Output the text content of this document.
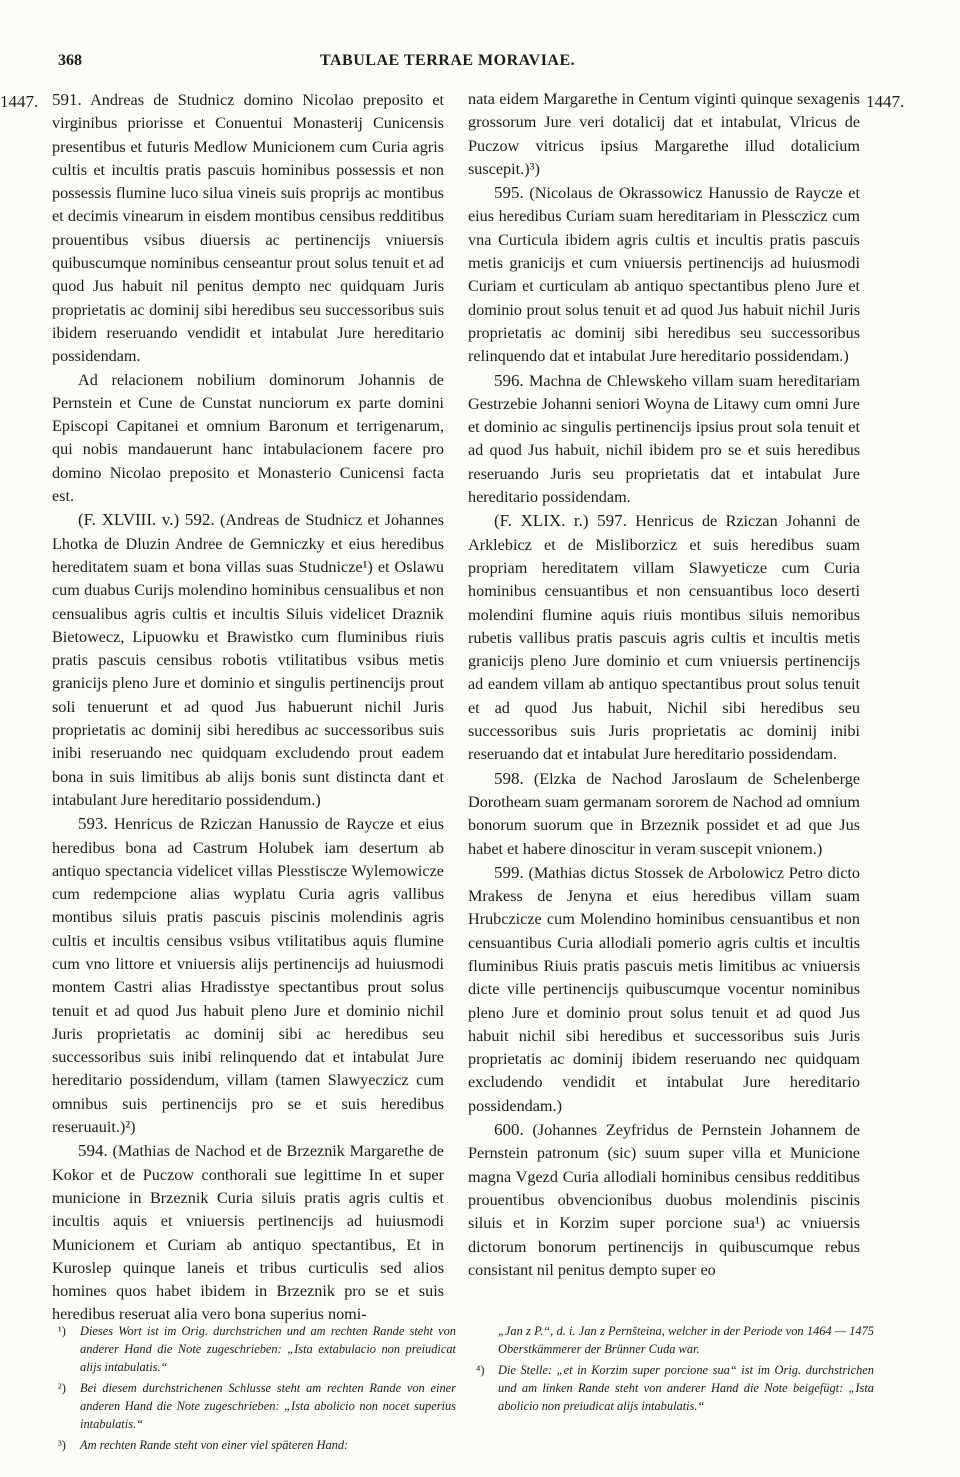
368	TABULAE TERRAE MORAVIAE.
1447.	1447.

591. Andreas de Studnicz domino Nicolao preposito et virginibus priorisse et Conuentui Monasterij Cunicensis presentibus et futuris Medlow Municionem cum Curia agris cultis et incultis pratis pascuis hominibus possessis et non possessis flumine luco silua vineis suis proprijs ac montibus et decimis vinearum in eisdem montibus censibus redditibus prouentibus vsibus diuersis ac pertinencijs vniuersis quibuscumque nominibus censeantur prout solus tenuit et ad quod Jus habuit nil penitus dempto nec quidquam Juris proprietatis ac dominij sibi heredibus seu successoribus suis ibidem reseruando vendidit et intabulat Jure hereditario possidendam.

Ad relacionem nobilium dominorum Johannis de Pernstein et Cune de Cunstat nunciorum ex parte domini Episcopi Capitanei et omnium Baronum et terrigenarum, qui nobis mandauerunt hanc intabulacionem facere pro domino Nicolao preposito et Monasterio Cunicensi facta est.

(F. XLVIII. v.) 592. (Andreas de Studnicz et Johannes Lhotka de Dluzin Andree de Gemniczky et eius heredibus hereditatem suam et bona villas suas Studnicze¹) et Oslawu cum duabus Curijs molendino hominibus censualibus et non censualibus agris cultis et incultis Siluis videlicet Draznik Bietowecz, Lipuowku et Brawistko cum fluminibus riuis pratis pascuis censibus robotis vtilitatibus vsibus metis granicijs pleno Jure et dominio et singulis pertinencijs prout soli tenuerunt et ad quod Jus habuerunt nichil Juris proprietatis ac dominij sibi heredibus ac successoribus suis inibi reseruando nec quidquam excludendo prout eadem bona in suis limitibus ab alijs bonis sunt distincta dant et intabulant Jure hereditario possidendum.)

593. Henricus de Rziczan Hanussio de Raycze et eius heredibus bona ad Castrum Holubek iam desertum ab antiquo spectancia videlicet villas Plesstiscze Wylemowicze cum redempcione alias wyplatu Curia agris vallibus montibus siluis pratis pascuis piscinis molendinis agris cultis et incultis censibus vsibus vtilitatibus aquis flumine cum vno littore et vniuersis alijs pertinencijs ad huiusmodi montem Castri alias Hradisstye spectantibus prout solus tenuit et ad quod Jus habuit pleno Jure et dominio nichil Juris proprietatis ac dominij sibi ac heredibus seu successoribus suis inibi relinquendo dat et intabulat Jure hereditario possidendum, villam (tamen Slawyeczicz cum omnibus suis pertinencijs pro se et suis heredibus reseruauit.)²)

594. (Mathias de Nachod et de Brzeznik Margarethe de Kokor et de Puczow conthorali sue legittime In et super municione in Brzeznik Curia siluis pratis agris cultis et incultis aquis et vniuersis pertinencijs ad huiusmodi Municionem et Curiam ab antiquo spectantibus, Et in Kuroslep quinque laneis et tribus curticulis sed alios homines quos habet ibidem in Brzeznik pro se et suis heredibus reseruat alia vero bona superius nomi-

nata eidem Margarethe in Centum viginti quinque sexagenis grossorum Jure veri dotalicij dat et intabulat, Vlricus de Puczow vitricus ipsius Margarethe illud dotalicium suscepit.)³)

595. (Nicolaus de Okrassowicz Hanussio de Raycze et eius heredibus Curiam suam hereditariam in Plessczicz cum vna Curticula ibidem agris cultis et incultis pratis pascuis metis granicijs et cum vniuersis pertinencijs ad huiusmodi Curiam et curticulam ab antiquo spectantibus pleno Jure et dominio prout solus tenuit et ad quod Jus habuit nichil Juris proprietatis ac dominij sibi heredibus seu successoribus relinquendo dat et intabulat Jure hereditario possidendam.)

596. Machna de Chlewskeho villam suam hereditariam Gestrzebie Johanni seniori Woyna de Litawy cum omni Jure et dominio ac singulis pertinencijs ipsius prout sola tenuit et ad quod Jus habuit, nichil ibidem pro se et suis heredibus reseruando Juris seu proprietatis dat et intabulat Jure hereditario possidendam.

(F. XLIX. r.) 597. Henricus de Rziczan Johanni de Arklebicz et de Misliborzicz et suis heredibus suam propriam hereditatem villam Slawyeticze cum Curia hominibus censuantibus et non censuantibus loco deserti molendini flumine aquis riuis montibus siluis nemoribus rubetis vallibus pratis pascuis agris cultis et incultis metis granicijs pleno Jure dominio et cum vniuersis pertinencijs ad eandem villam ab antiquo spectantibus prout solus tenuit et ad quod Jus habuit, Nichil sibi heredibus seu successoribus suis Juris proprietatis ac dominij inibi reseruando dat et intabulat Jure hereditario possidendam.

598. (Elzka de Nachod Jaroslaum de Schelenberge Dorotheam suam germanam sororem de Nachod ad omnium bonorum suorum que in Brzeznik possidet et ad que Jus habet et habere dinoscitur in veram suscepit vnionem.)

599. (Mathias dictus Stossek de Arbolowicz Petro dicto Mrakess de Jenyna et eius heredibus villam suam Hrubczicze cum Molendino hominibus censuantibus et non censuantibus Curia allodiali pomerio agris cultis et incultis fluminibus Riuis pratis pascuis metis limitibus ac vniuersis dicte ville pertinencijs quibuscumque vocentur nominibus pleno Jure et dominio prout solus tenuit et ad quod Jus habuit nichil sibi heredibus et successoribus suis Juris proprietatis ac dominij ibidem reseruando nec quidquam excludendo vendidit et intabulat Jure hereditario possidendam.)

600. (Johannes Zeyfridus de Pernstein Johannem de Pernstein patronum (sic) suum super villa et Municione magna Vgezd Curia allodiali hominibus censibus redditibus prouentibus obvencionibus duobus molendinis piscinis siluis et in Korzim super porcione sua¹) ac vniuersis dictorum bonorum pertinencijs in quibuscumque rebus consistant nil penitus dempto super eo

¹) Dieses Wort ist im Orig. durchstrichen und am rechten Rande steht von anderer Hand die Note zugeschrieben: „Ista extabulacio non preiudicat alijs intabulatis.“

²) Bei diesem durchstrichenen Schlusse steht am rechten Rande von einer anderen Hand die Note zugeschrieben: „Ista abolicio non nocet superius intabulatis.“

³) Am rechten Rande steht von einer viel späteren Hand:

„Jan z P.“, d. i. Jan z Pernšteina, welcher in der Periode von 1464 — 1475 Oberstkämmerer der Brünner Cuda war.

⁴) Die Stelle: „et in Korzim super porcione sua“ ist im Orig. durchstrichen und am linken Rande steht von anderer Hand die Note beigefügt: „Ista abolicio non preiudicat alijs intabulatis.“
